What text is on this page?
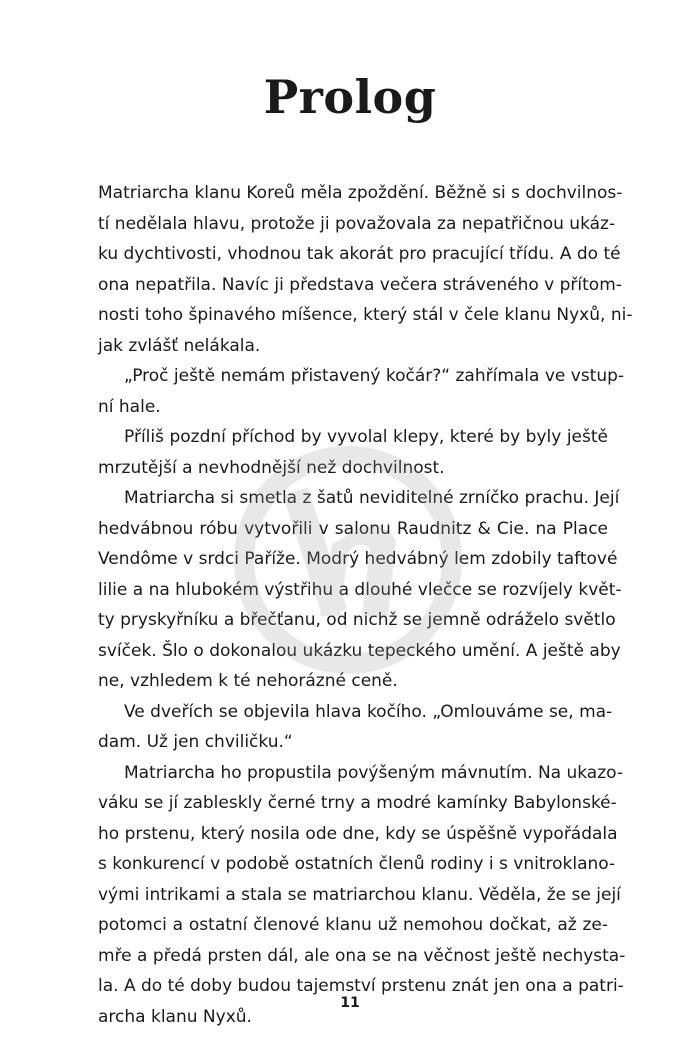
Prolog
Matriarcha klanu Koreů měla zpoždění. Běžně si s dochvilnos-
tí nedělala hlavu, protože ji považovala za nepatřičnou ukáz-
ku dychtivosti, vhodnou tak akorát pro pracující třídu. A do té
ona nepatřila. Navíc ji představa večera stráveného v přítom-
nosti toho špinavého míšence, který stál v čele klanu Nyxů, ni-
jak zvlášť nelákala.
„Proč ještě nemám přistavený kočár?“ zahřímala ve vstup-
ní hale.
Příliš pozdní příchod by vyvolal klepy, které by byly ještě
mrzutější a nevhodnější než dochvilnost.
Matriarcha si smetla z šatů neviditelné zrníčko prachu. Její
hedvábnou róbu vytvořili v salonu Raudnitz & Cie. na Place
Vendôme v srdci Paříže. Modrý hedvábný lem zdobily taftové
lilie a na hlubokém výstřihu a dlouhé vlečce se rozvíjely květ-
ty pryskyřníku a břečťanu, od nichž se jemně odráželo světlo
svíček. Šlo o dokonalou ukázku tepeckého umění. A ještě aby
ne, vzhledem k té nehorázné ceně.
Ve dveřích se objevila hlava kočího. „Omlouváme se, ma-
dam. Už jen chviličku.“
Matriarcha ho propustila povýšeným mávnutím. Na ukazo-
váku se jí zableskly černé trny a modré kamínky Babylonské-
ho prstenu, který nosila ode dne, kdy se úspěšně vypořádala
s konkurencí v podobě ostatních členů rodiny i s vnitroklano-
vými intrikami a stala se matriarchou klanu. Věděla, že se její
potomci a ostatní členové klanu už nemohou dočkat, až ze-
mře a předá prsten dál, ale ona se na věčnost ještě nechysta-
la. A do té doby budou tajemství prstenu znát jen ona a patri-
archa klanu Nyxů.
11
